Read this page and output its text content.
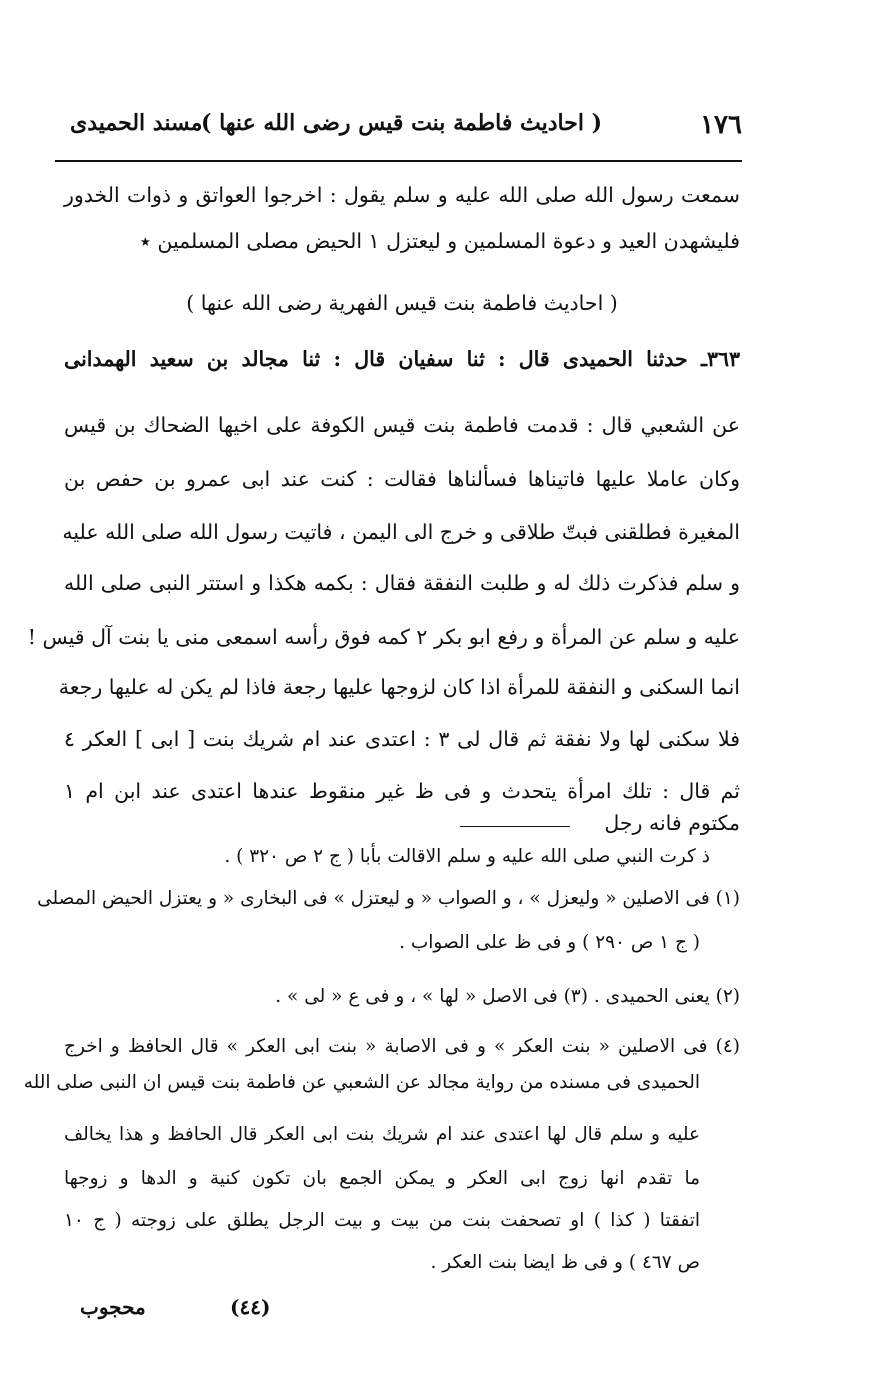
١٧٦
( احاديث فاطمة بنت قيس رضى الله عنها )
مسند الحميدى
سمعت رسول الله صلى الله عليه و سلم يقول : اخرجوا العواتق و ذوات الخدور
فليشهدن العيد و دعوة المسلمين و ليعتزل ١ الحيض مصلى المسلمين ٭
( احاديث فاطمة بنت قيس الفهرية رضى الله عنها )
٣٦٣ـ حدثنا الحميدى قال : ثنا سفيان قال : ثنا مجالد بن سعيد الهمدانى
عن الشعبي قال : قدمت فاطمة بنت قيس الكوفة على اخيها الضحاك بن قيس
وكان عاملا عليها فاتيناها فسألناها فقالت : كنت عند ابى عمرو بن حفص بن
المغيرة فطلقنى فبتّ طلاقى و خرج الى اليمن ، فاتيت رسول الله صلى الله عليه
و سلم فذكرت ذلك له و طلبت النفقة فقال : بكمه هكذا و استتر النبى صلى الله
عليه و سلم عن المرأة و رفع ابو بكر ٢ كمه فوق رأسه اسمعى منى يا بنت آل قيس !
انما السكنى و النفقة للمرأة اذا كان لزوجها عليها رجعة فاذا لم يكن له عليها رجعة
فلا سكنى لها ولا نفقة ثم قال لى ٣ : اعتدى عند ام شريك بنت [ ابى ] العكر ٤
ثم قال : تلك امرأة يتحدث و فى ظ غير منقوط عندها اعتدى عند ابن ام ١
مكتوم فانه رجل
ذ كرت النبي صلى الله عليه و سلم الاقالت بأبا ( ج ٢ ص ٣٢٠ ) .
(١) فى الاصلين « وليعزل » ، و الصواب « و ليعتزل » فى البخارى « و يعتزل الحيض المصلى
( ج ١ ص ٢٩٠ ) و فى ظ على الصواب .
(٢) يعنى الحميدى . (٣) فى الاصل « لها » ، و فى ع « لى » .
(٤) فى الاصلين « بنت العكر » و فى الاصابة « بنت ابى العكر » قال الحافظ و اخرج
الحميدى فى مسنده من رواية مجالد عن الشعبي عن فاطمة بنت قيس ان النبى صلى الله
عليه و سلم قال لها اعتدى عند ام شريك بنت ابى العكر قال الحافظ و هذا يخالف
ما تقدم انها زوج ابى العكر و يمكن الجمع بان تكون كنية و الدها و زوجها
اتفقتا ( كذا ) او تصحفت بنت من بيت و بيت الرجل يطلق على زوجته ( ج ١٠
ص ٤٦٧ ) و فى ظ ايضا بنت العكر .
(٤٤)
محجوب
